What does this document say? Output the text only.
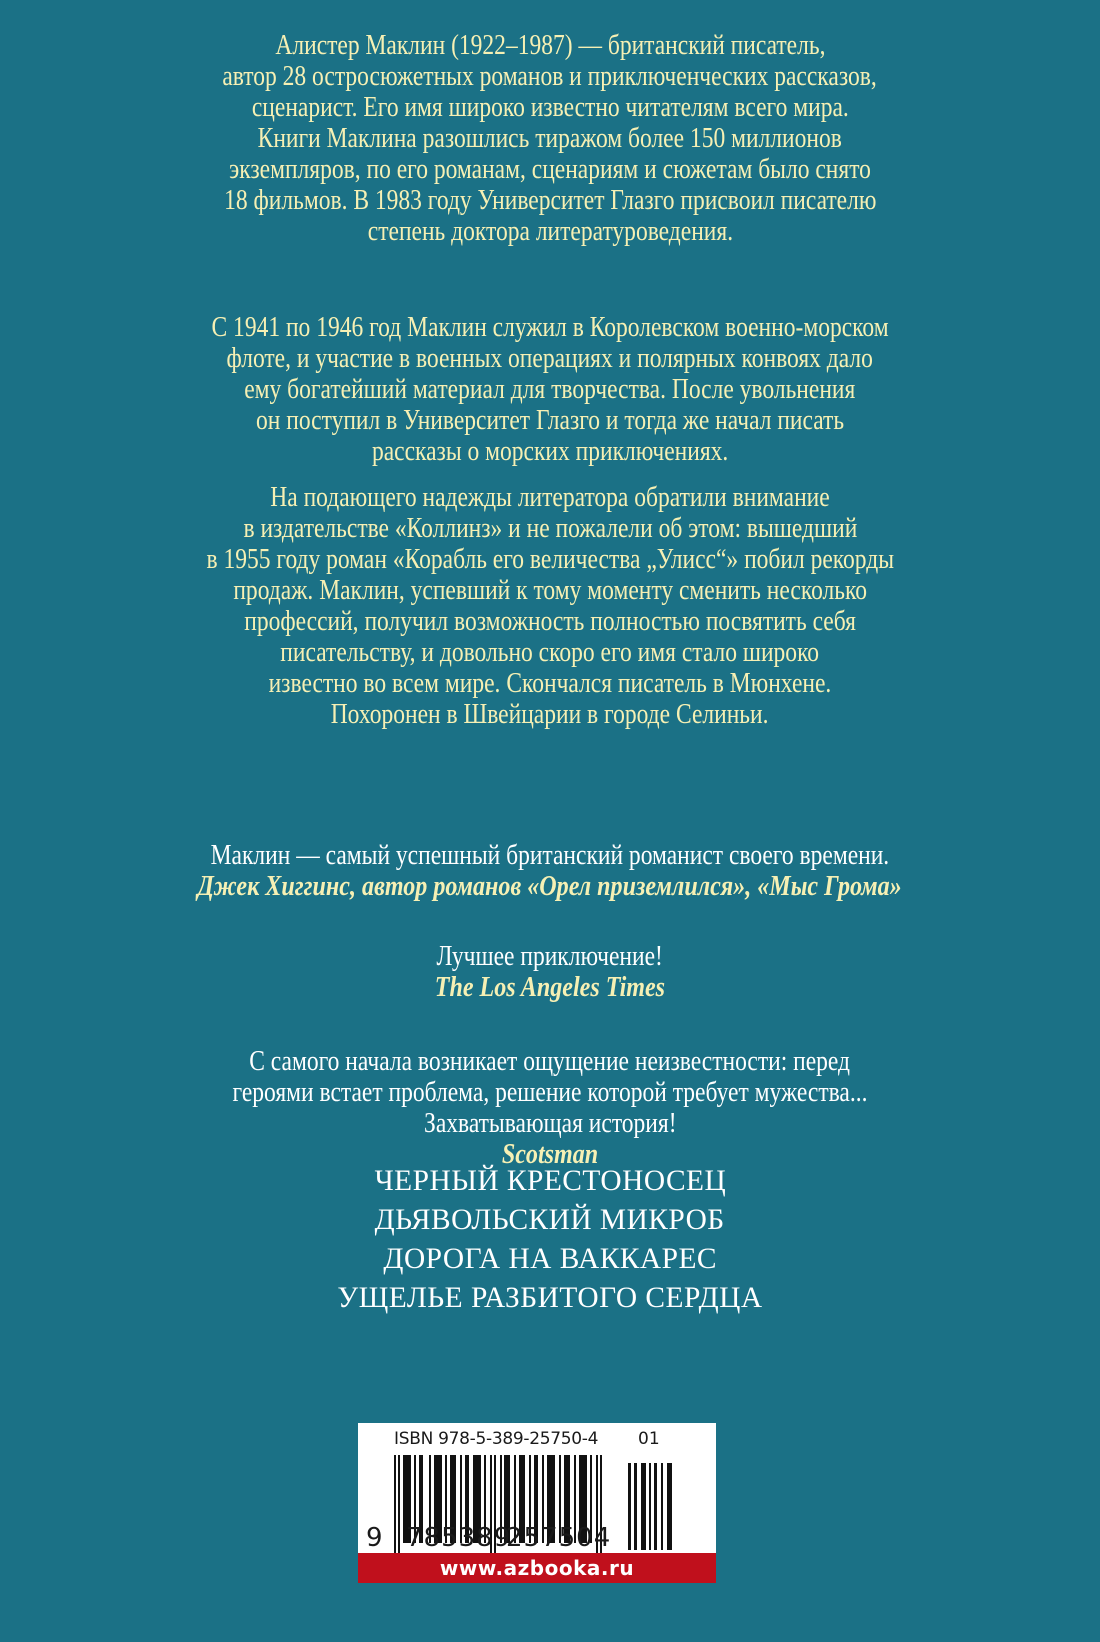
Алистер Маклин (1922–1987) — британский писатель,
автор 28 остросюжетных романов и приключенческих рассказов,
сценарист. Его имя широко известно читателям всего мира.
Книги Маклина разошлись тиражом более 150 миллионов
экземпляров, по его романам, сценариям и сюжетам было снято
18 фильмов. В 1983 году Университет Глазго присвоил писателю
степень доктора литературоведения.
С 1941 по 1946 год Маклин служил в Королевском военно-морском
флоте, и участие в военных операциях и полярных конвоях дало
ему богатейший материал для творчества. После увольнения
он поступил в Университет Глазго и тогда же начал писать
рассказы о морских приключениях.
На подающего надежды литератора обратили внимание
в издательстве «Коллинз» и не пожалели об этом: вышедший
в 1955 году роман «Корабль его величества „Улисс“» побил рекорды
продаж. Маклин, успевший к тому моменту сменить несколько
профессий, получил возможность полностью посвятить себя
писательству, и довольно скоро его имя стало широко
известно во всем мире. Скончался писатель в Мюнхене.
Похоронен в Швейцарии в городе Селиньи.
Маклин — самый успешный британский романист своего времени.
Джек Хиггинс, автор романов «Орел приземлился», «Мыс Грома»
Лучшее приключение!
The Los Angeles Times
С самого начала возникает ощущение неизвестности: перед
героями встает проблема, решение которой требует мужества...
Захватывающая история!
Scotsman
ЧЕРНЫЙ КРЕСТОНОСЕЦ
ДЬЯВОЛЬСКИЙ МИКРОБ
ДОРОГА НА ВАККАРЕС
УЩЕЛЬЕ РАЗБИТОГО СЕРДЦА
ISBN 978-5-389-25750-4 01
9 785389
257504
www.azbooka.ru
